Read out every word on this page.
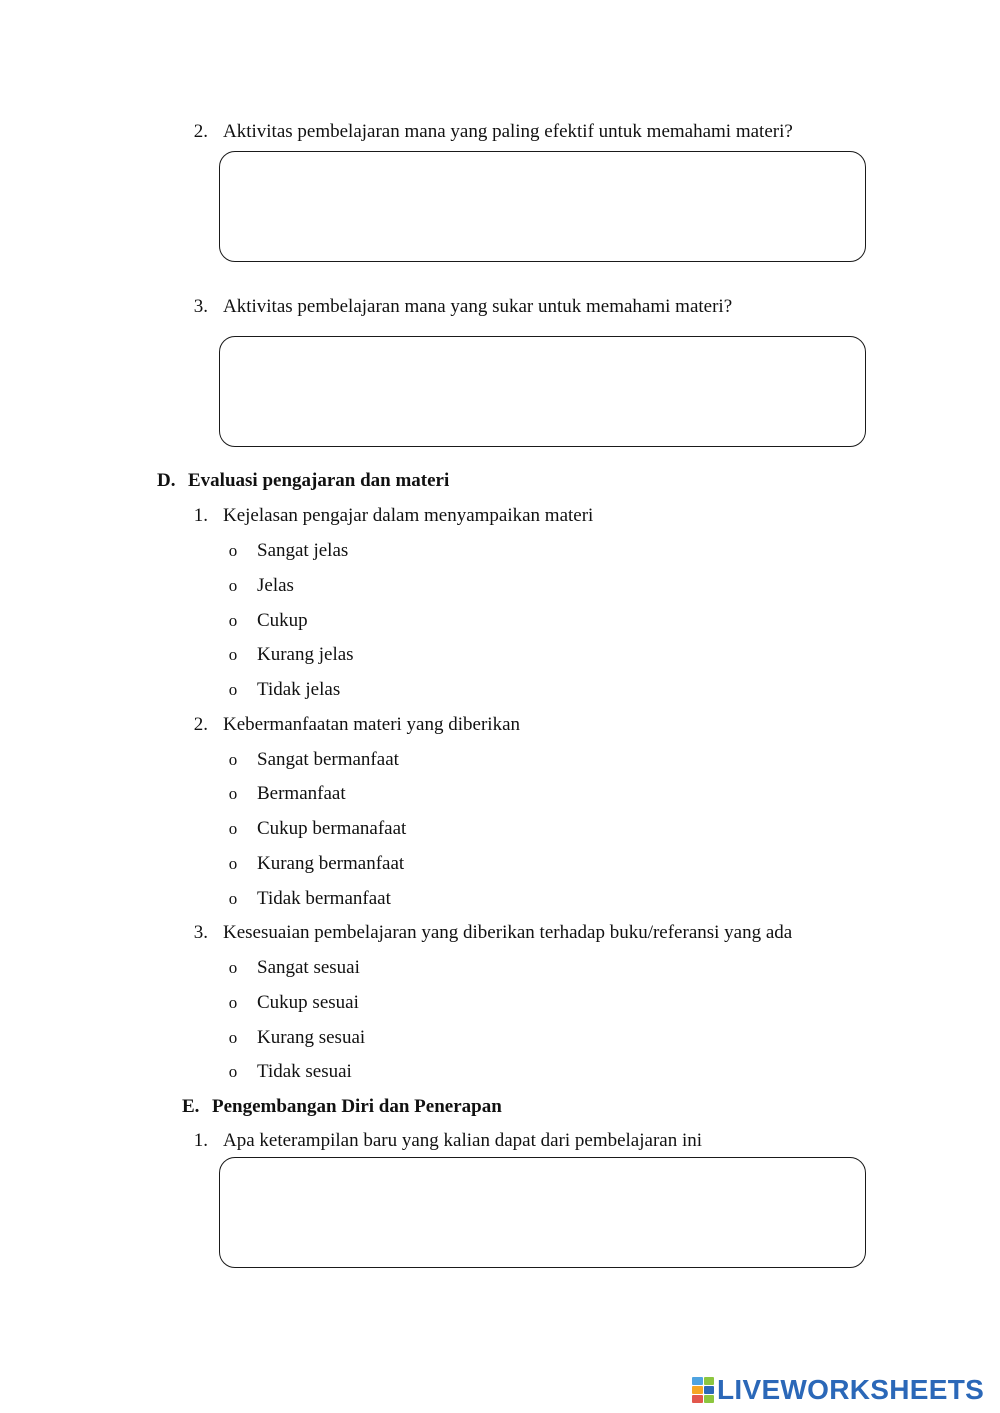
2. Aktivitas pembelajaran mana yang paling efektif untuk memahami materi?
3. Aktivitas pembelajaran mana yang sukar untuk memahami materi?
D. Evaluasi pengajaran dan materi
1. Kejelasan pengajar dalam menyampaikan materi
o Sangat jelas
o Jelas
o Cukup
o Kurang jelas
o Tidak jelas
2. Kebermanfaatan materi yang diberikan
o Sangat bermanfaat
o Bermanfaat
o Cukup bermanafaat
o Kurang bermanfaat
o Tidak bermanfaat
3. Kesesuaian pembelajaran yang diberikan terhadap buku/referansi yang ada
o Sangat sesuai
o Cukup sesuai
o Kurang sesuai
o Tidak sesuai
E. Pengembangan Diri dan Penerapan
1. Apa keterampilan baru yang kalian dapat dari pembelajaran ini
LIVEWORKSHEETS
